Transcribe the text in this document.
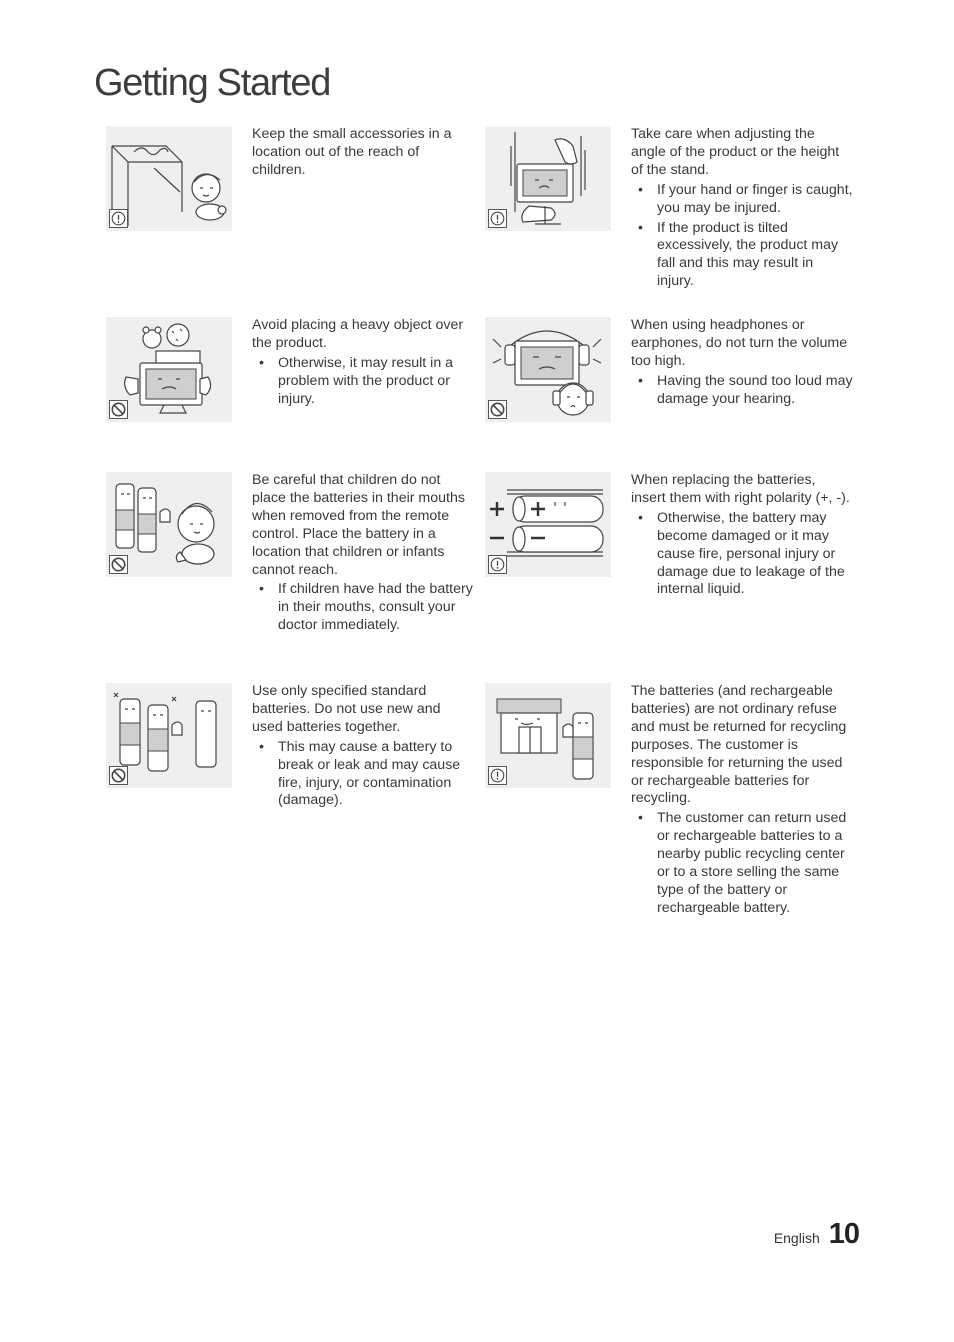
Getting Started

Keep the small accessories in a location out of the reach of children.

Take care when adjusting the angle of the product or the height of the stand.

• If your hand or finger is caught, you may be injured.
• If the product is tilted excessively, the product may fall and this may result in injury.

Avoid placing a heavy object over the product.

• Otherwise, it may result in a problem with the product or injury.

When using headphones or earphones, do not turn the volume too high.

• Having the sound too loud may damage your hearing.

Be careful that children do not place the batteries in their mouths when removed from the remote control. Place the battery in a location that children or infants cannot reach.

• If children have had the battery in their mouths, consult your doctor immediately.

When replacing the batteries, insert them with right polarity (+, -).

• Otherwise, the battery may become damaged or it may cause fire, personal injury or damage due to leakage of the internal liquid.

Use only specified standard batteries. Do not use new and used batteries together.

• This may cause a battery to break or leak and may cause fire, injury, or contamination (damage).

The batteries (and rechargeable batteries) are not ordinary refuse and must be returned for recycling purposes. The customer is responsible for returning the used or rechargeable batteries for recycling.

• The customer can return used or rechargeable batteries to a nearby public recycling center or to a store selling the same type of the battery or rechargeable battery.
English 10
